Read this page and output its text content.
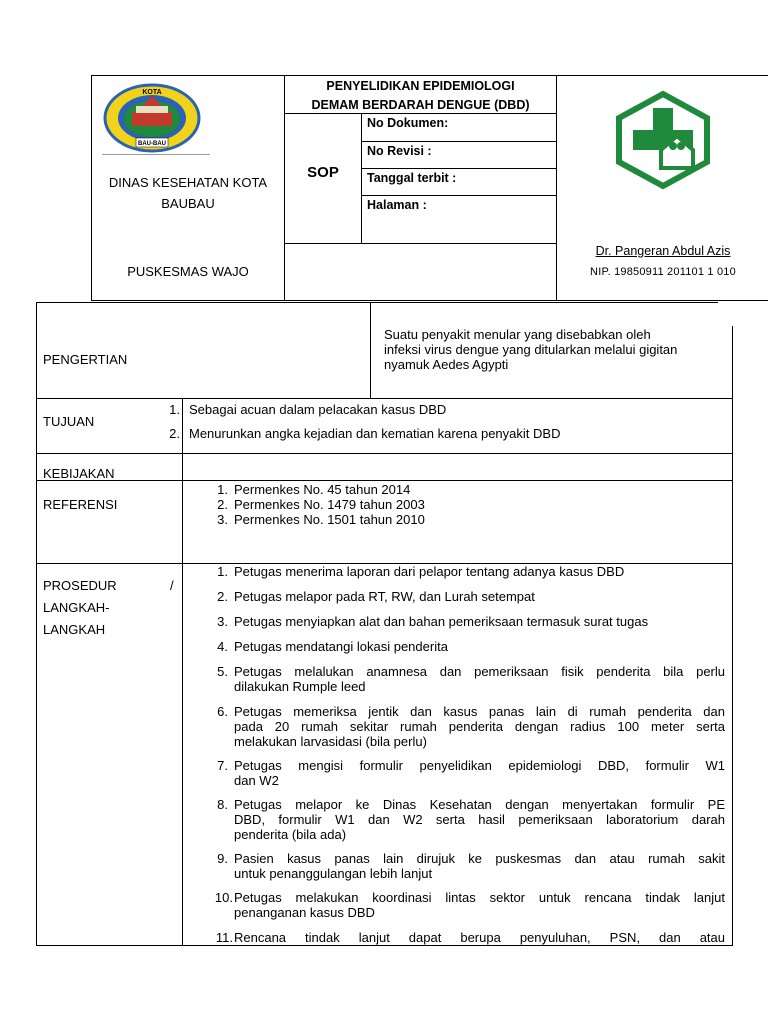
KOTA
BAU-BAU
DINAS KESEHATAN KOTA
BAUBAU
PUSKESMAS WAJO
PENYELIDIKAN EPIDEMIOLOGI
DEMAM BERDARAH DENGUE (DBD)
SOP
No Dokumen:
No Revisi :
Tanggal terbit :
Halaman :
Dr. Pangeran Abdul Azis
NIP. 19850911 201101 1 010
PENGERTIAN
Suatu penyakit menular yang disebabkan oleh
infeksi virus dengue yang ditularkan melalui gigitan
nyamuk Aedes Agypti
TUJUAN
1. Sebagai acuan dalam pelacakan kasus DBD
2. Menurunkan angka kejadian dan kematian karena penyakit DBD
KEBIJAKAN
REFERENSI
1. Permenkes No. 45 tahun 2014
2. Permenkes No. 1479 tahun 2003
3. Permenkes No. 1501 tahun 2010
PROSEDUR	/
LANGKAH-
LANGKAH
1. Petugas menerima laporan dari pelapor tentang adanya kasus DBD
2. Petugas melapor pada RT, RW, dan Lurah setempat
3. Petugas menyiapkan alat dan bahan pemeriksaan termasuk surat tugas
4. Petugas mendatangi lokasi penderita
5. Petugas melalukan anamnesa dan pemeriksaan fisik penderita bila perlu
dilakukan Rumple leed
6. Petugas memeriksa jentik dan kasus panas lain di rumah penderita dan
pada 20 rumah sekitar rumah penderita dengan radius 100 meter serta
melakukan larvasidasi (bila perlu)
7. Petugas mengisi formulir penyelidikan epidemiologi DBD, formulir W1
dan W2
8. Petugas melapor ke Dinas Kesehatan dengan menyertakan formulir PE
DBD, formulir W1 dan W2 serta hasil pemeriksaan laboratorium darah
penderita (bila ada)
9. Pasien kasus panas lain dirujuk ke puskesmas dan atau rumah sakit
untuk penanggulangan lebih lanjut
10. Petugas melakukan koordinasi lintas sektor untuk rencana tindak lanjut
penanganan kasus DBD
11. Rencana tindak lanjut dapat berupa penyuluhan, PSN, dan atau
